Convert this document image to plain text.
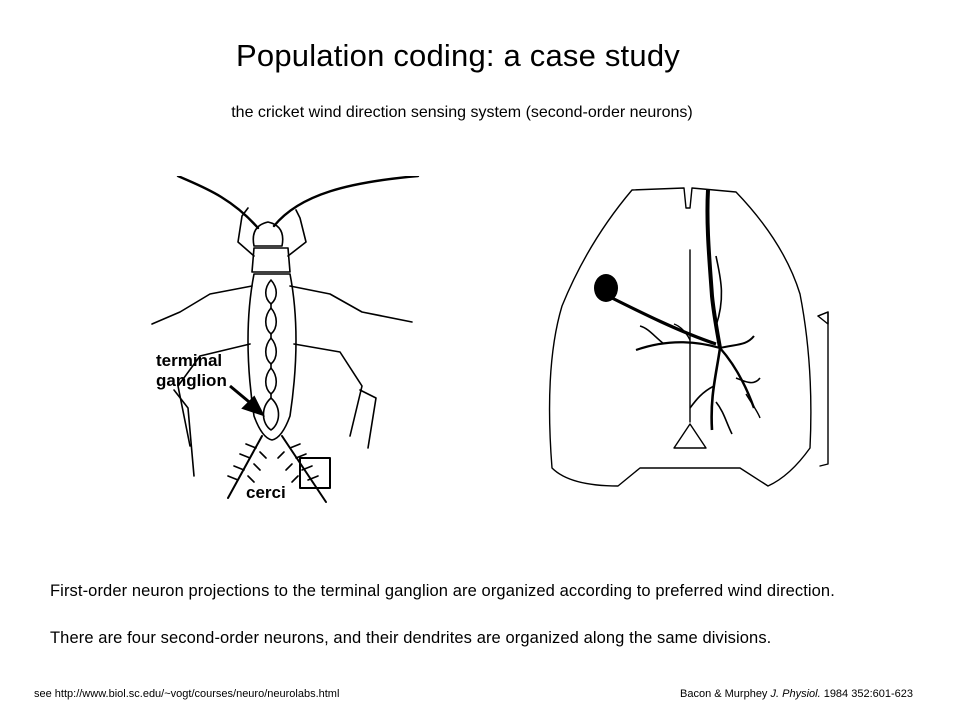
Population coding: a case study
the cricket wind direction sensing system (second-order neurons)
terminal
ganglion
cerci
First-order neuron projections to the terminal ganglion are organized according to preferred wind direction.
There are four second-order neurons, and their dendrites are organized along the same divisions.
see http://www.biol.sc.edu/~vogt/courses/neuro/neurolabs.html	Bacon & Murphey J. Physiol. 1984 352:601-623
